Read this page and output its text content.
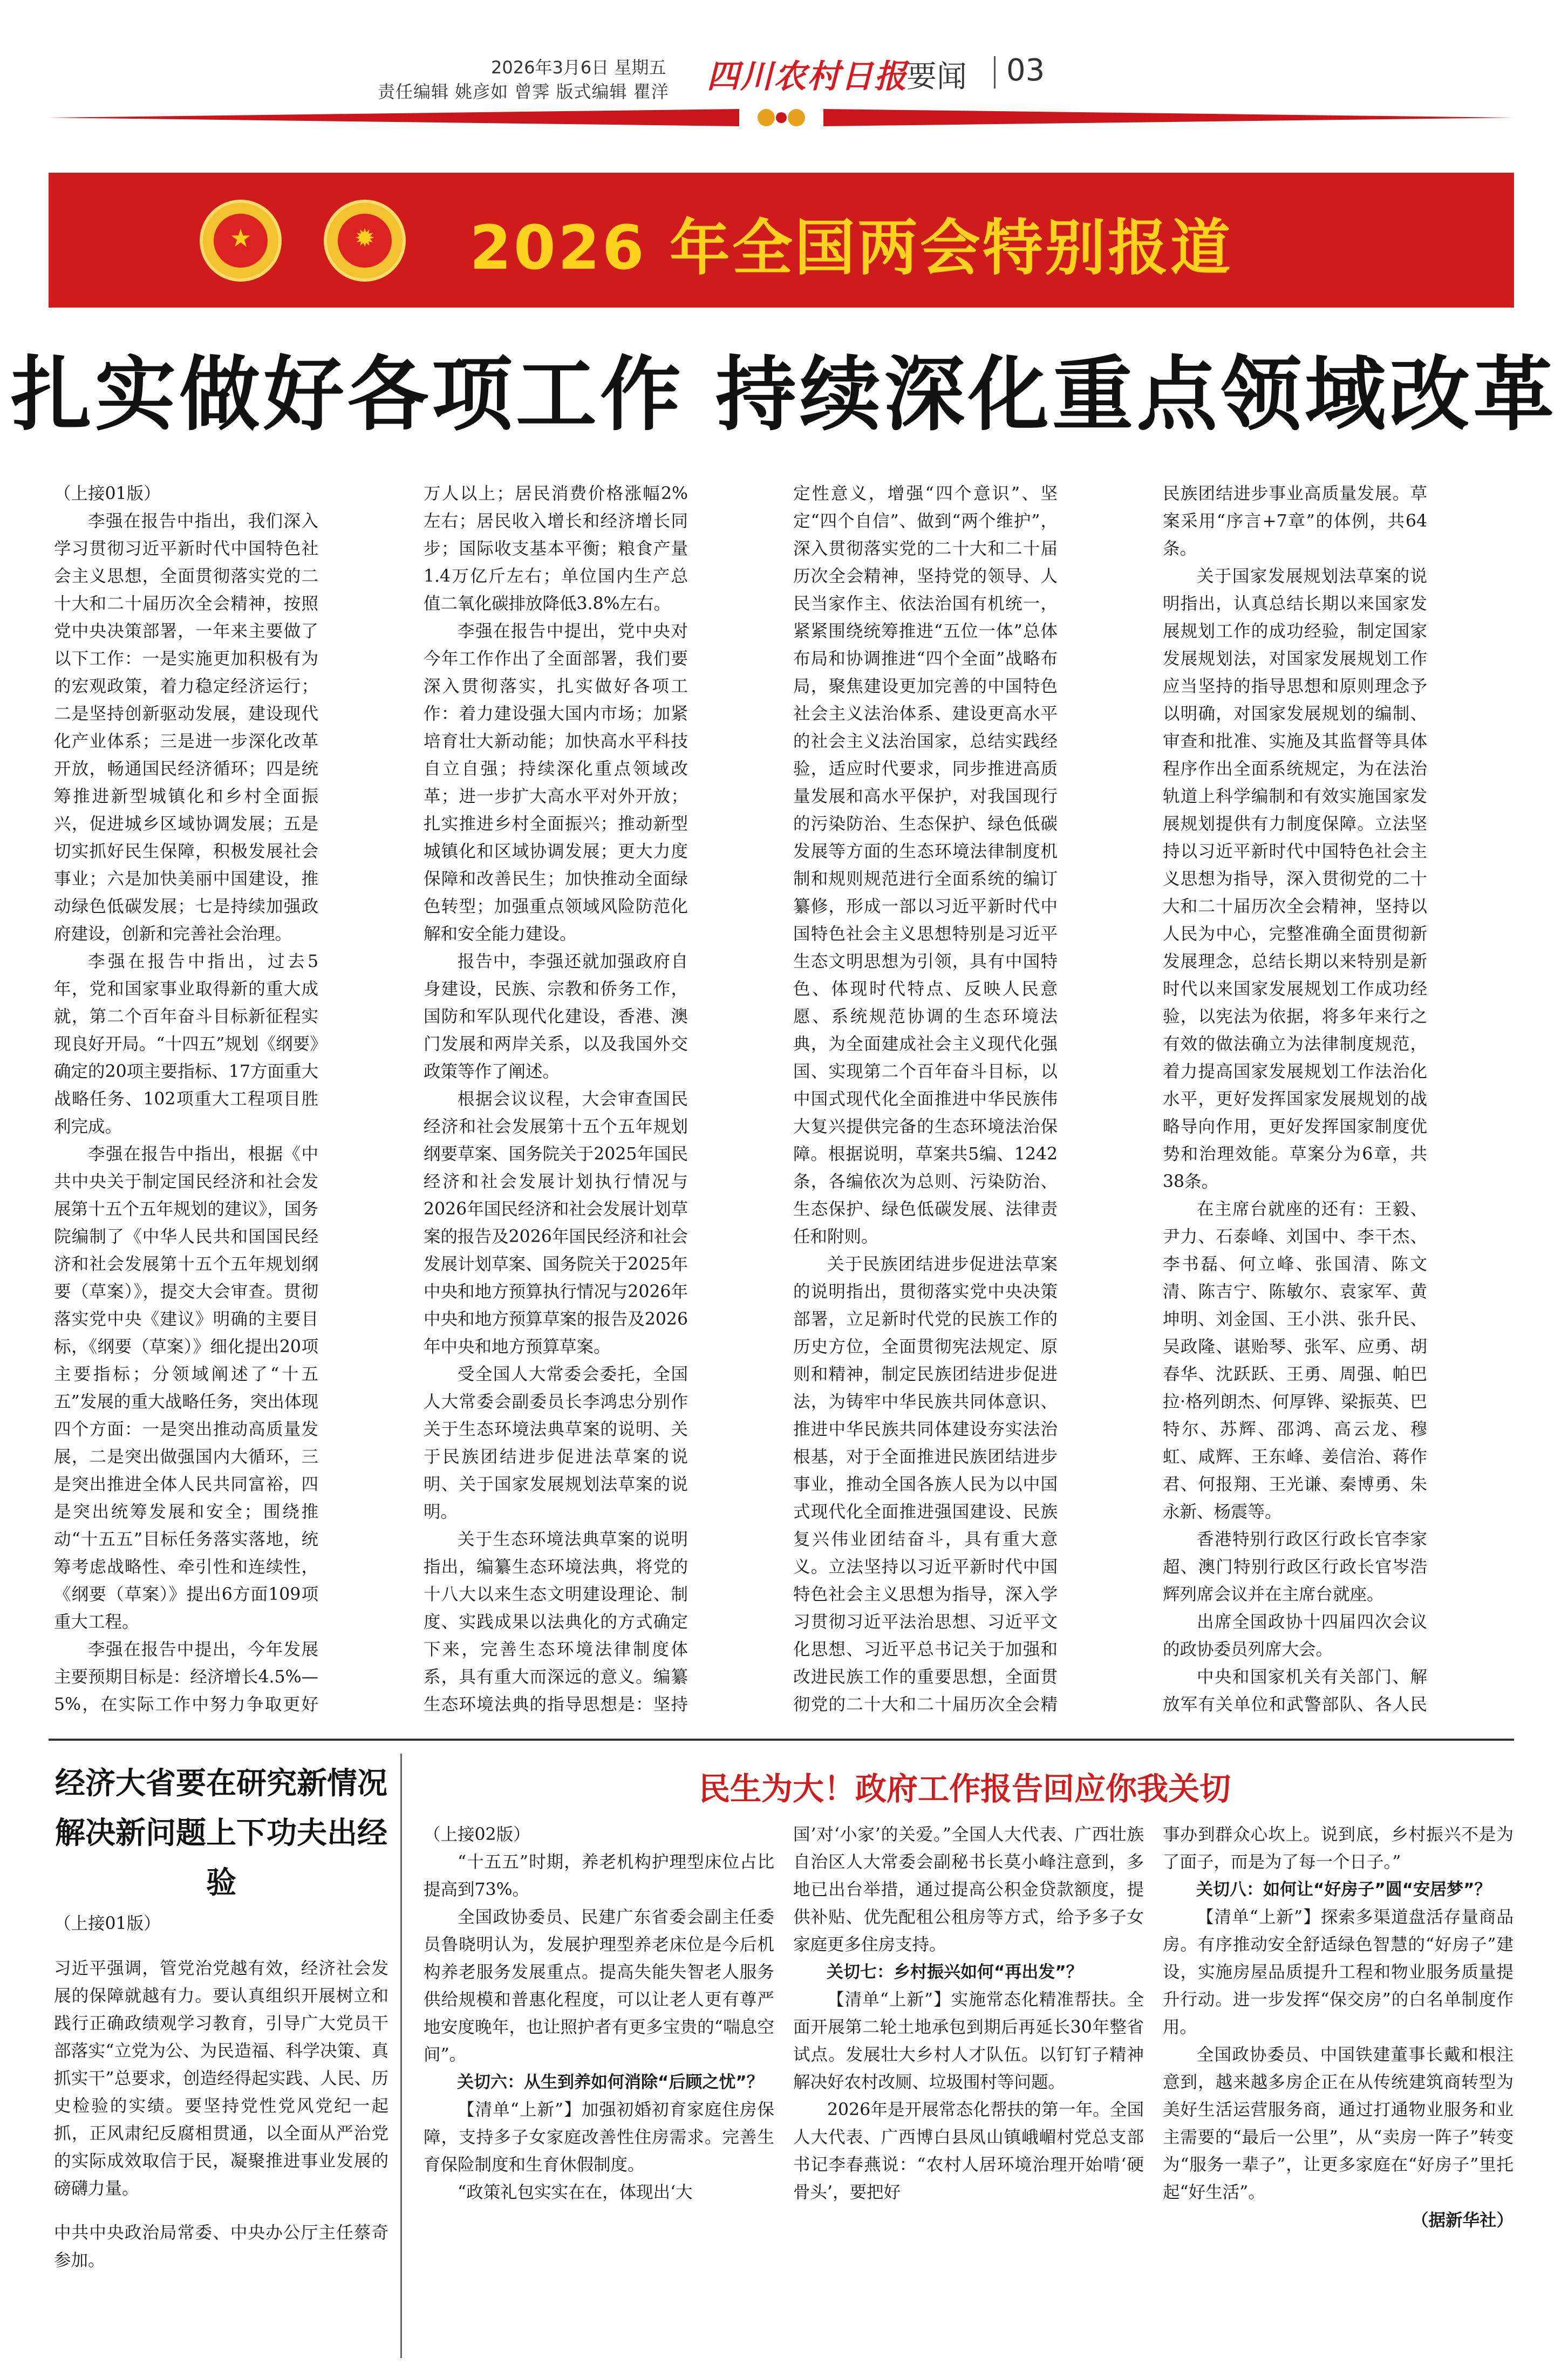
2026年3月6日 星期五
责任编辑 姚彦如 曾霁 版式编辑 瞿洋 四川农村日报
要闻 03
★	✹ 2026 年全国两会特别报道
扎实做好各项工作 持续深化重点领域改革
（上接01版）

李强在报告中指出，我们深入学习贯彻习近平新时代中国特色社会主义思想，全面贯彻落实党的二十大和二十届历次全会精神，按照党中央决策部署，一年来主要做了以下工作：一是实施更加积极有为的宏观政策，着力稳定经济运行；二是坚持创新驱动发展，建设现代化产业体系；三是进一步深化改革开放，畅通国民经济循环；四是统筹推进新型城镇化和乡村全面振兴，促进城乡区域协调发展；五是切实抓好民生保障，积极发展社会事业；六是加快美丽中国建设，推动绿色低碳发展；七是持续加强政府建设，创新和完善社会治理。

李强在报告中指出，过去5年，党和国家事业取得新的重大成就，第二个百年奋斗目标新征程实现良好开局。“十四五”规划《纲要》确定的20项主要指标、17方面重大战略任务、102项重大工程项目胜利完成。

李强在报告中指出，根据《中共中央关于制定国民经济和社会发展第十五个五年规划的建议》，国务院编制了《中华人民共和国国民经济和社会发展第十五个五年规划纲要（草案）》，提交大会审查。贯彻落实党中央《建议》明确的主要目标，《纲要（草案）》细化提出20项主要指标；分领域阐述了“十五五”发展的重大战略任务，突出体现四个方面：一是突出推动高质量发展，二是突出做强国内大循环，三是突出推进全体人民共同富裕，四是突出统筹发展和安全；围绕推动“十五五”目标任务落实落地，统筹考虑战略性、牵引性和连续性，《纲要（草案）》提出6方面109项重大工程。

李强在报告中提出，今年发展主要预期目标是：经济增长4.5%—5%，在实际工作中努力争取更好

万人以上；居民消费价格涨幅2%左右；居民收入增长和经济增长同步；国际收支基本平衡；粮食产量1.4万亿斤左右；单位国内生产总值二氧化碳排放降低3.8%左右。

李强在报告中提出，党中央对今年工作作出了全面部署，我们要深入贯彻落实，扎实做好各项工作：着力建设强大国内市场；加紧培育壮大新动能；加快高水平科技自立自强；持续深化重点领域改革；进一步扩大高水平对外开放；扎实推进乡村全面振兴；推动新型城镇化和区域协调发展；更大力度保障和改善民生；加快推动全面绿色转型；加强重点领域风险防范化解和安全能力建设。

报告中，李强还就加强政府自身建设，民族、宗教和侨务工作，国防和军队现代化建设，香港、澳门发展和两岸关系，以及我国外交政策等作了阐述。

根据会议议程，大会审查国民经济和社会发展第十五个五年规划纲要草案、国务院关于2025年国民经济和社会发展计划执行情况与2026年国民经济和社会发展计划草案的报告及2026年国民经济和社会发展计划草案、国务院关于2025年中央和地方预算执行情况与2026年中央和地方预算草案的报告及2026年中央和地方预算草案。

受全国人大常委会委托，全国人大常委会副委员长李鸿忠分别作关于生态环境法典草案的说明、关于民族团结进步促进法草案的说明、关于国家发展规划法草案的说明。

关于生态环境法典草案的说明指出，编纂生态环境法典，将党的十八大以来生态文明建设理论、制度、实践成果以法典化的方式确定下来，完善生态环境法律制度体系，具有重大而深远的意义。编纂生态环境法典的指导思想是：坚持

定性意义，增强“四个意识”、坚定“四个自信”、做到“两个维护”，深入贯彻落实党的二十大和二十届历次全会精神，坚持党的领导、人民当家作主、依法治国有机统一，紧紧围绕统筹推进“五位一体”总体布局和协调推进“四个全面”战略布局，聚焦建设更加完善的中国特色社会主义法治体系、建设更高水平的社会主义法治国家，总结实践经验，适应时代要求，同步推进高质量发展和高水平保护，对我国现行的污染防治、生态保护、绿色低碳发展等方面的生态环境法律制度机制和规则规范进行全面系统的编订纂修，形成一部以习近平新时代中国特色社会主义思想特别是习近平生态文明思想为引领，具有中国特色、体现时代特点、反映人民意愿、系统规范协调的生态环境法典，为全面建成社会主义现代化强国、实现第二个百年奋斗目标，以中国式现代化全面推进中华民族伟大复兴提供完备的生态环境法治保障。根据说明，草案共5编、1242条，各编依次为总则、污染防治、生态保护、绿色低碳发展、法律责任和附则。

关于民族团结进步促进法草案的说明指出，贯彻落实党中央决策部署，立足新时代党的民族工作的历史方位，全面贯彻宪法规定、原则和精神，制定民族团结进步促进法，为铸牢中华民族共同体意识、推进中华民族共同体建设夯实法治根基，对于全面推进民族团结进步事业，推动全国各族人民为以中国式现代化全面推进强国建设、民族复兴伟业团结奋斗，具有重大意义。立法坚持以习近平新时代中国特色社会主义思想为指导，深入学习贯彻习近平法治思想、习近平文化思想、习近平总书记关于加强和改进民族工作的重要思想，全面贯彻党的二十大和二十届历次全会精

民族团结进步事业高质量发展。草案采用“序言+7章”的体例，共64条。

关于国家发展规划法草案的说明指出，认真总结长期以来国家发展规划工作的成功经验，制定国家发展规划法，对国家发展规划工作应当坚持的指导思想和原则理念予以明确，对国家发展规划的编制、审查和批准、实施及其监督等具体程序作出全面系统规定，为在法治轨道上科学编制和有效实施国家发展规划提供有力制度保障。立法坚持以习近平新时代中国特色社会主义思想为指导，深入贯彻党的二十大和二十届历次全会精神，坚持以人民为中心，完整准确全面贯彻新发展理念，总结长期以来特别是新时代以来国家发展规划工作成功经验，以宪法为依据，将多年来行之有效的做法确立为法律制度规范，着力提高国家发展规划工作法治化水平，更好发挥国家发展规划的战略导向作用，更好发挥国家制度优势和治理效能。草案分为6章，共38条。

在主席台就座的还有：王毅、尹力、石泰峰、刘国中、李干杰、李书磊、何立峰、张国清、陈文清、陈吉宁、陈敏尔、袁家军、黄坤明、刘金国、王小洪、张升民、吴政隆、谌贻琴、张军、应勇、胡春华、沈跃跃、王勇、周强、帕巴拉·格列朗杰、何厚铧、梁振英、巴特尔、苏辉、邵鸿、高云龙、穆虹、咸辉、王东峰、姜信治、蒋作君、何报翔、王光谦、秦博勇、朱永新、杨震等。

香港特别行政区行政长官李家超、澳门特别行政区行政长官岑浩辉列席会议并在主席台就座。

出席全国政协十四届四次会议的政协委员列席大会。

中央和国家机关有关部门、解放军有关单位和武警部队、各人民

经济大省要在研究新情况解决新问题上下功夫出经验
（上接01版）

习近平强调，管党治党越有效，经济社会发展的保障就越有力。要认真组织开展树立和践行正确政绩观学习教育，引导广大党员干部落实“立党为公、为民造福、科学决策、真抓实干”总要求，创造经得起实践、人民、历史检验的实绩。要坚持党性党风党纪一起抓，正风肃纪反腐相贯通，以全面从严治党的实际成效取信于民，凝聚推进事业发展的磅礴力量。

中共中央政治局常委、中央办公厅主任蔡奇参加。

民生为大！政府工作报告回应你我关切
（上接02版）

“十五五”时期，养老机构护理型床位占比提高到73%。

全国政协委员、民建广东省委会副主任委员鲁晓明认为，发展护理型养老床位是今后机构养老服务发展重点。提高失能失智老人服务供给规模和普惠化程度，可以让老人更有尊严地安度晚年，也让照护者有更多宝贵的“喘息空间”。

关切六：从生到养如何消除“后顾之忧”？

【清单“上新”】加强初婚初育家庭住房保障，支持多子女家庭改善性住房需求。完善生育保险制度和生育休假制度。

“政策礼包实实在在，体现出‘大

国’对‘小家’的关爱。”全国人大代表、广西壮族自治区人大常委会副秘书长莫小峰注意到，多地已出台举措，通过提高公积金贷款额度，提供补贴、优先配租公租房等方式，给予多子女家庭更多住房支持。

关切七：乡村振兴如何“再出发”？

【清单“上新”】实施常态化精准帮扶。全面开展第二轮土地承包到期后再延长30年整省试点。发展壮大乡村人才队伍。以钉钉子精神解决好农村改厕、垃圾围村等问题。

2026年是开展常态化帮扶的第一年。全国人大代表、广西博白县凤山镇峨嵋村党总支部书记李春燕说：“农村人居环境治理开始啃‘硬骨头’，要把好

事办到群众心坎上。说到底，乡村振兴不是为了面子，而是为了每一个日子。”

关切八：如何让“好房子”圆“安居梦”？

【清单“上新”】探索多渠道盘活存量商品房。有序推动安全舒适绿色智慧的“好房子”建设，实施房屋品质提升工程和物业服务质量提升行动。进一步发挥“保交房”的白名单制度作用。

全国政协委员、中国铁建董事长戴和根注意到，越来越多房企正在从传统建筑商转型为美好生活运营服务商，通过打通物业服务和业主需要的“最后一公里”，从“卖房一阵子”转变为“服务一辈子”，让更多家庭在“好房子”里托起“好生活”。

（据新华社）
